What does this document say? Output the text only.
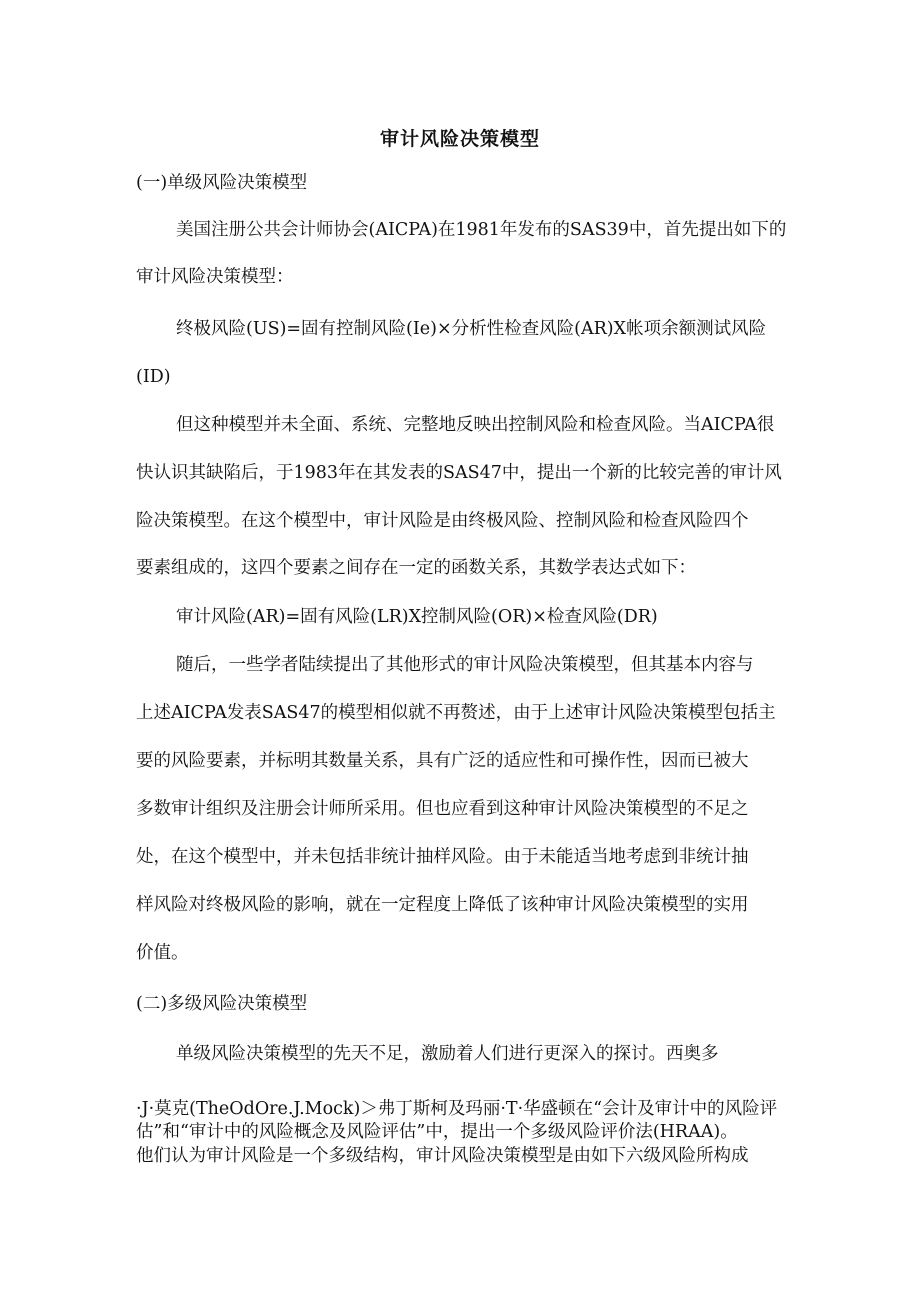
审计风险决策模型
(一)单级风险决策模型
美国注册公共会计师协会(AICPA)在1981年发布的SAS39中，首先提出如下的
审计风险决策模型：
终极风险(US)=固有控制风险(Ie)×分析性检查风险(AR)X帐项余额测试风险
(ID)
但这种模型并未全面、系统、完整地反映出控制风险和检查风险。当AICPA很
快认识其缺陷后，于1983年在其发表的SAS47中，提出一个新的比较完善的审计风
险决策模型。在这个模型中，审计风险是由终极风险、控制风险和检查风险四个
要素组成的，这四个要素之间存在一定的函数关系，其数学表达式如下：
审计风险(AR)=固有风险(LR)X控制风险(OR)×检查风险(DR)
随后，一些学者陆续提出了其他形式的审计风险决策模型，但其基本内容与
上述AICPA发表SAS47的模型相似就不再赘述，由于上述审计风险决策模型包括主
要的风险要素，并标明其数量关系，具有广泛的适应性和可操作性，因而已被大
多数审计组织及注册会计师所采用。但也应看到这种审计风险决策模型的不足之
处，在这个模型中，并未包括非统计抽样风险。由于未能适当地考虑到非统计抽
样风险对终极风险的影响，就在一定程度上降低了该种审计风险决策模型的实用
价值。
(二)多级风险决策模型
单级风险决策模型的先天不足，激励着人们进行更深入的探讨。西奥多
·J·莫克(TheOdOre.J.Mock)＞弗丁斯柯及玛丽·T·华盛顿在“会计及审计中的风险评
估”和“审计中的风险概念及风险评估”中，提出一个多级风险评价法(HRAA)。
他们认为审计风险是一个多级结构，审计风险决策模型是由如下六级风险所构成
